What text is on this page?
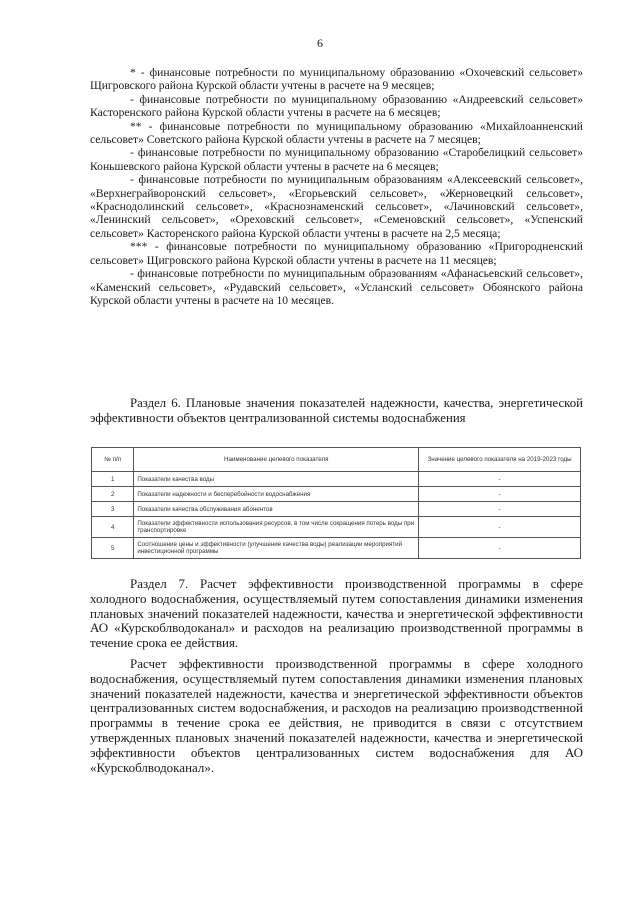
6

* - финансовые потребности по муниципальному образованию «Охочевский сельсовет» Щигровского района Курской области учтены в расчете на 9 месяцев;

- финансовые потребности по муниципальному образованию «Андреевский сельсовет» Касторенского района Курской области учтены в расчете на 6 месяцев;

** - финансовые потребности по муниципальному образованию «Михайлоанненский сельсовет» Советского района Курской области учтены в расчете на 7 месяцев;

- финансовые потребности по муниципальному образованию «Старобелицкий сельсовет» Коньшевского района Курской области учтены в расчете на 6 месяцев;

- финансовые потребности по муниципальным образованиям «Алексеевский сельсовет», «Верхнеграйворонский сельсовет», «Егорьевский сельсовет», «Жерновецкий сельсовет», «Краснодолинский сельсовет», «Краснознаменский сельсовет», «Лачиновский сельсовет», «Ленинский сельсовет», «Ореховский сельсовет», «Семеновский сельсовет», «Успенский сельсовет» Касторенского района Курской области учтены в расчете на 2,5 месяца;

*** - финансовые потребности по муниципальному образованию «Пригородненский сельсовет» Щигровского района Курской области учтены в расчете на 11 месяцев;

- финансовые потребности по муниципальным образованиям «Афанасьевский сельсовет», «Каменский сельсовет», «Рудавский сельсовет», «Усланский сельсовет» Обоянского района Курской области учтены в расчете на 10 месяцев.

Раздел 6. Плановые значения показателей надежности, качества, энергетической эффективности объектов централизованной системы водоснабжения

№ п/п	Наименование целевого показателя	Значение целевого показателя на 2019-2023 годы
1	Показатели качества воды	-
2	Показатели надежности и бесперебойности водоснабжения	-
3	Показатели качества обслуживания абонентов	-
4	Показатели эффективности использования ресурсов, в том числе сокращения потерь воды при транспортировке	-
5	Соотношение цены и эффективности (улучшение качества воды) реализации мероприятий инвестиционной программы	-

Раздел 7. Расчет эффективности производственной программы в сфере холодного водоснабжения, осуществляемый путем сопоставления динамики изменения плановых значений показателей надежности, качества и энергетической эффективности АО «Курскоблводоканал» и расходов на реализацию производственной программы в течение срока ее действия.

Расчет эффективности производственной программы в сфере холодного водоснабжения, осуществляемый путем сопоставления динамики изменения плановых значений показателей надежности, качества и энергетической эффективности объектов централизованных систем водоснабжения, и расходов на реализацию производственной программы в течение срока ее действия, не приводится в связи с отсутствием утвержденных плановых значений показателей надежности, качества и энергетической эффективности объектов централизованных систем водоснабжения для АО «Курскоблводоканал».
